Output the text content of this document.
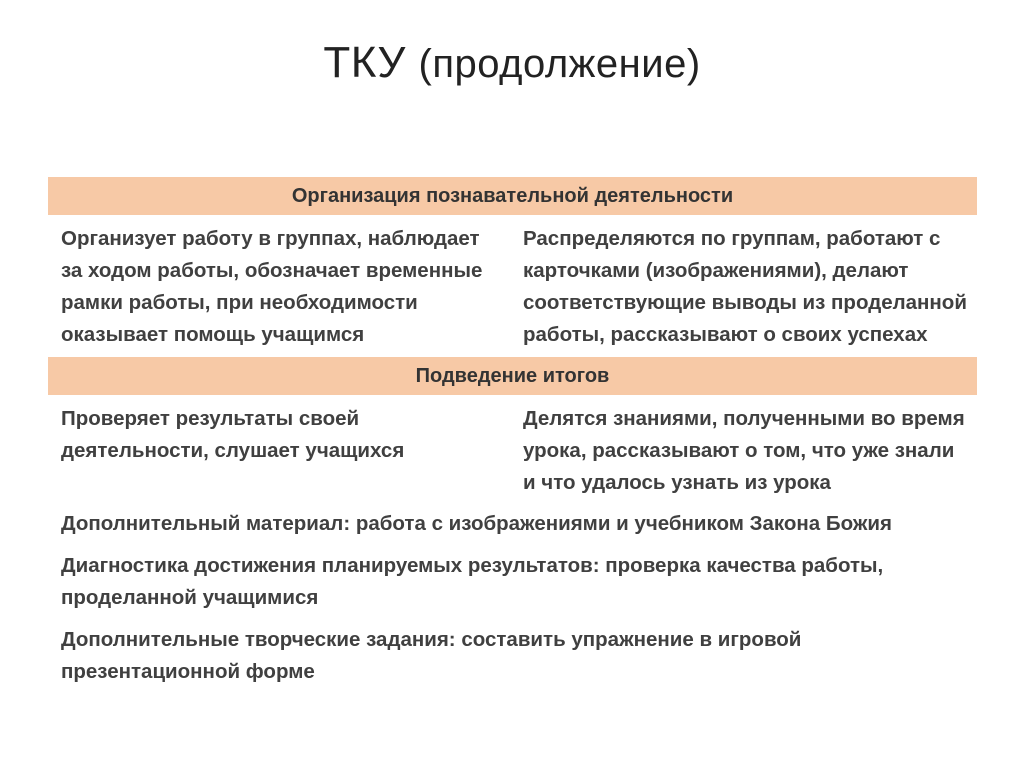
ТКУ (продолжение)
Организация познавательной деятельности
Организует работу в группах, наблюдает за ходом работы, обозначает временные рамки работы, при необходимости оказывает помощь учащимся
Распределяются по группам, работают с карточками (изображениями), делают соответствующие выводы из проделанной работы, рассказывают о своих успехах
Подведение итогов
Проверяет результаты своей деятельности, слушает учащихся
Делятся знаниями, полученными во время урока, рассказывают о том, что уже знали и что удалось узнать из урока
Дополнительный материал: работа с изображениями и учебником Закона Божия
Диагностика достижения планируемых результатов: проверка качества работы, проделанной учащимися
Дополнительные творческие задания: составить упражнение в игровой презентационной форме
